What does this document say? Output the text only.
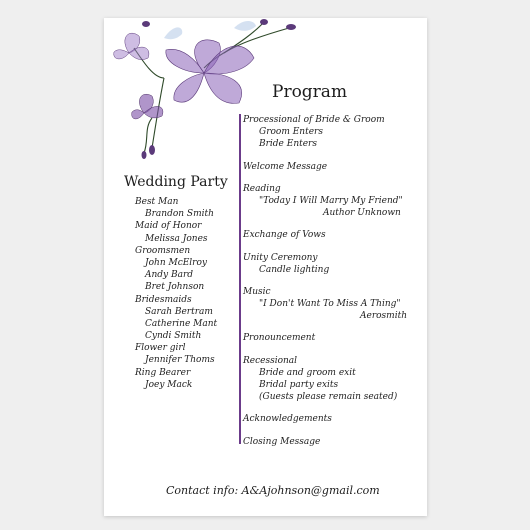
Program
Processional of Bride & Groom
Groom Enters
Bride Enters
Welcome Message
Reading
"Today I Will Marry My Friend"
Author Unknown
Exchange of Vows
Unity Ceremony
Candle lighting
Music
"I Don't Want To Miss A Thing"
Aerosmith
Pronouncement
Recessional
Bride and groom exit
Bridal party exits
(Guests please remain seated)
Acknowledgements
Closing Message
Wedding Party
Best Man
Brandon Smith
Maid of Honor
Melissa Jones
Groomsmen
John McElroy
Andy Bard
Bret Johnson
Bridesmaids
Sarah Bertram
Catherine Mant
Cyndi Smith
Flower girl
Jennifer Thoms
Ring Bearer
Joey Mack
Contact info: A&Ajohnson@gmail.com
